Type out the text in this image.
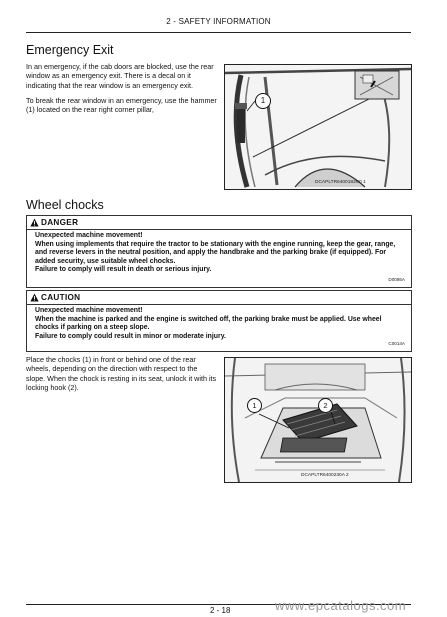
2 - SAFETY INFORMATION
Emergency Exit
In an emergency, if the cab doors are blocked, use the rear window as an emergency exit. There is a decal on it indicating that the rear window is an emergency exit.
To break the rear window in an emergency, use the hammer (1) located on the rear right corner pillar,
1
DCAPLTR6400183C0 1
Wheel chocks
DANGER
Unexpected machine movement!
When using implements that require the tractor to be stationary with the engine running, keep the gear, range, and reverse levers in the neutral position, and apply the handbrake and the parking brake (if equipped). For added security, use suitable wheel chocks.
Failure to comply will result in death or serious injury.
D0086A
CAUTION
Unexpected machine movement!
When the machine is parked and the engine is switched off, the parking brake must be applied. Use wheel chocks if parking on a steep slope.
Failure to comply could result in minor or moderate injury.
C0014A
Place the chocks (1) in front or behind one of the rear wheels, depending on the direction with respect to the slope. When the chock is resting in its seat, unlock it with its locking hook (2).
1	2
DCAPLTR6400230A 2
2 - 18	www.epcatalogs.com
